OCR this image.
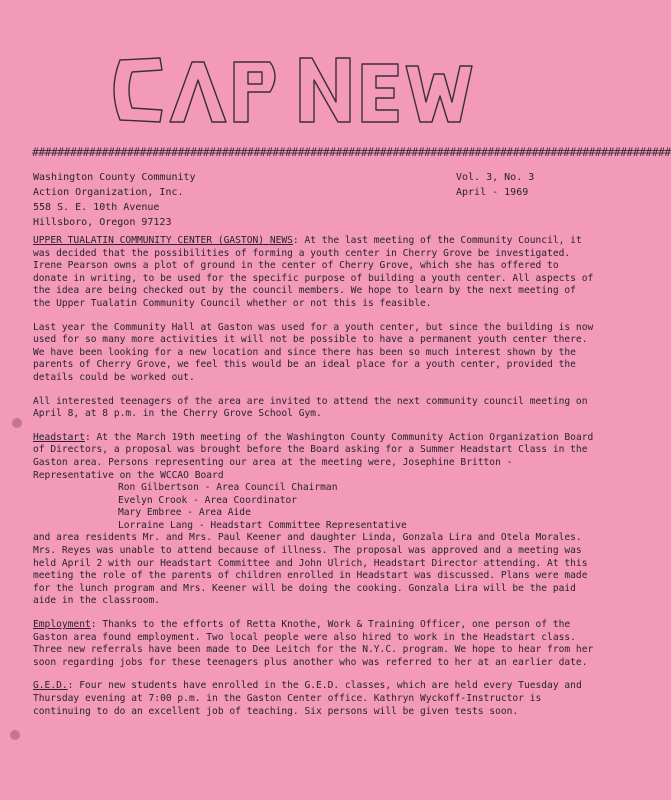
CAP NEWS
#####################################################################################################
Washington County Community
Action Organization, Inc.
558 S. E. 10th Avenue
Hillsboro, Oregon 97123
Vol. 3, No. 3
April - 1969

UPPER TUALATIN COMMUNITY CENTER (GASTON) NEWS: At the last meeting of the Community Council, it was decided that the possibilities of forming a youth center in Cherry Grove be investigated. Irene Pearson owns a plot of ground in the center of Cherry Grove, which she has offered to donate in writing, to be used for the specific purpose of building a youth center. All aspects of the idea are being checked out by the council members. We hope to learn by the next meeting of the Upper Tualatin Community Council whether or not this is feasible.

Last year the Community Hall at Gaston was used for a youth center, but since the building is now used for so many more activities it will not be possible to have a permanent youth center there. We have been looking for a new location and since there has been so much interest shown by the parents of Cherry Grove, we feel this would be an ideal place for a youth center, provided the details could be worked out.

All interested teenagers of the area are invited to attend the next community council meeting on April 8, at 8 p.m. in the Cherry Grove School Gym.

Headstart: At the March 19th meeting of the Washington County Community Action Organization Board of Directors, a proposal was brought before the Board asking for a Summer Headstart Class in the Gaston area. Persons representing our area at the meeting were, Josephine Britton - Representative on the WCCAO Board

Ron Gilbertson - Area Council Chairman
Evelyn Crook - Area Coordinator
Mary Embree - Area Aide
Lorraine Lang - Headstart Committee Representative

and area residents Mr. and Mrs. Paul Keener and daughter Linda, Gonzala Lira and Otela Morales. Mrs. Reyes was unable to attend because of illness. The proposal was approved and a meeting was held April 2 with our Headstart Committee and John Ulrich, Headstart Director attending. At this meeting the role of the parents of children enrolled in Headstart was discussed. Plans were made for the lunch program and Mrs. Keener will be doing the cooking. Gonzala Lira will be the paid aide in the classroom.

Employment: Thanks to the efforts of Retta Knothe, Work & Training Officer, one person of the Gaston area found employment. Two local people were also hired to work in the Headstart class. Three new referrals have been made to Dee Leitch for the N.Y.C. program. We hope to hear from her soon regarding jobs for these teenagers plus another who was referred to her at an earlier date.

G.E.D.: Four new students have enrolled in the G.E.D. classes, which are held every Tuesday and Thursday evening at 7:00 p.m. in the Gaston Center office. Kathryn Wyckoff-Instructor is continuing to do an excellent job of teaching. Six persons will be given tests soon.
